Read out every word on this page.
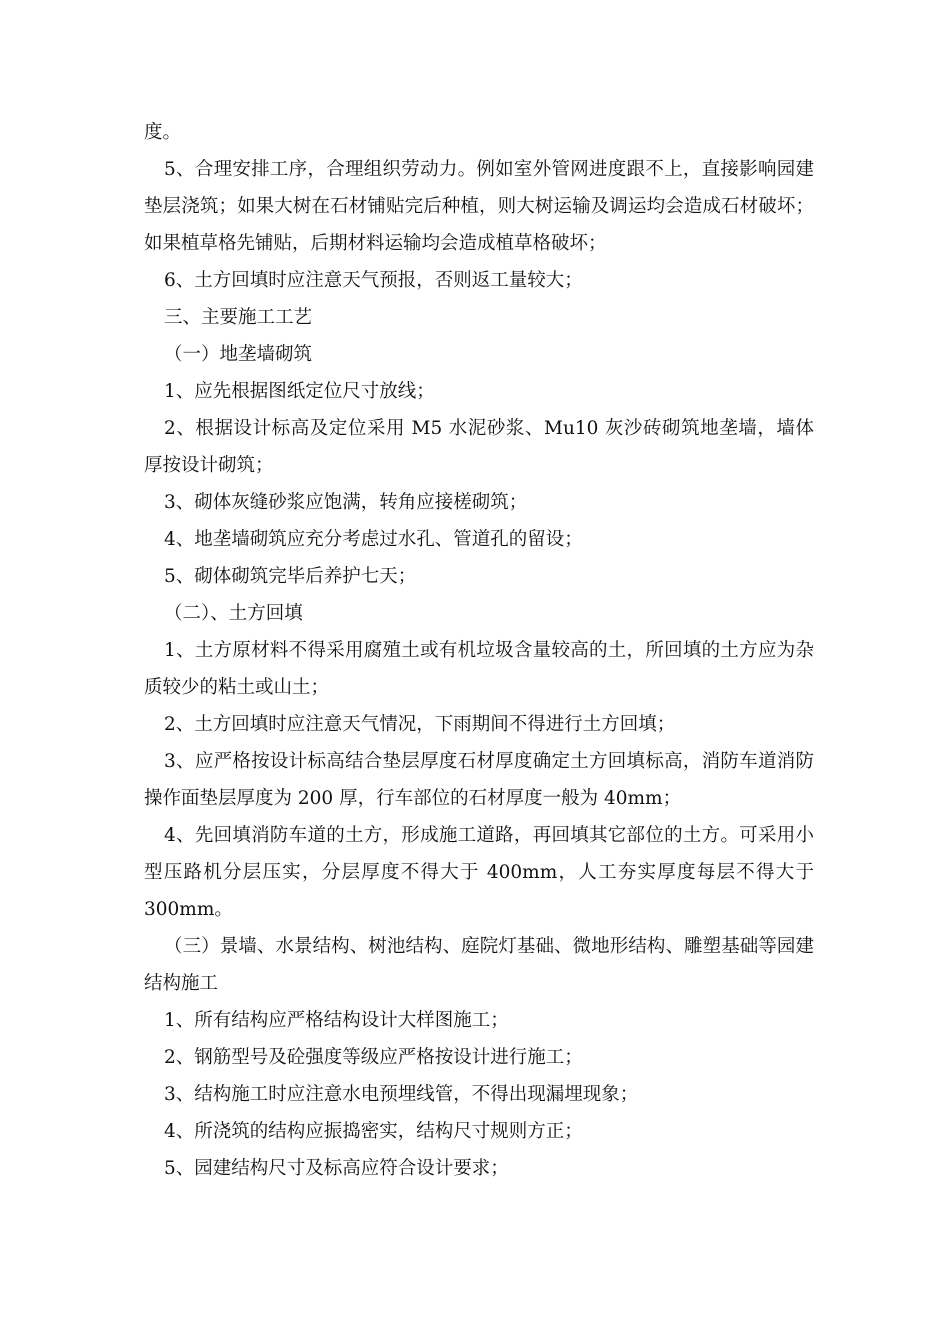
度。

5、合理安排工序，合理组织劳动力。例如室外管网进度跟不上，直接影响园建垫层浇筑；如果大树在石材铺贴完后种植，则大树运输及调运均会造成石材破坏；如果植草格先铺贴，后期材料运输均会造成植草格破坏；

6、土方回填时应注意天气预报，否则返工量较大；

三、主要施工工艺

（一）地垄墙砌筑

1、应先根据图纸定位尺寸放线；

2、根据设计标高及定位采用 M5 水泥砂浆、Mu10 灰沙砖砌筑地垄墙，墙体厚按设计砌筑；

3、砌体灰缝砂浆应饱满，转角应接槎砌筑；

4、地垄墙砌筑应充分考虑过水孔、管道孔的留设；

5、砌体砌筑完毕后养护七天；

（二）、土方回填

1、土方原材料不得采用腐殖土或有机垃圾含量较高的土，所回填的土方应为杂质较少的粘土或山土；

2、土方回填时应注意天气情况，下雨期间不得进行土方回填；

3、应严格按设计标高结合垫层厚度石材厚度确定土方回填标高，消防车道消防操作面垫层厚度为 200 厚，行车部位的石材厚度一般为 40mm；

4、先回填消防车道的土方，形成施工道路，再回填其它部位的土方。可采用小型压路机分层压实，分层厚度不得大于 400mm，人工夯实厚度每层不得大于 300mm。

（三）景墙、水景结构、树池结构、庭院灯基础、微地形结构、雕塑基础等园建结构施工

1、所有结构应严格结构设计大样图施工；

2、钢筋型号及砼强度等级应严格按设计进行施工；

3、结构施工时应注意水电预埋线管，不得出现漏埋现象；

4、所浇筑的结构应振捣密实，结构尺寸规则方正；

5、园建结构尺寸及标高应符合设计要求；
